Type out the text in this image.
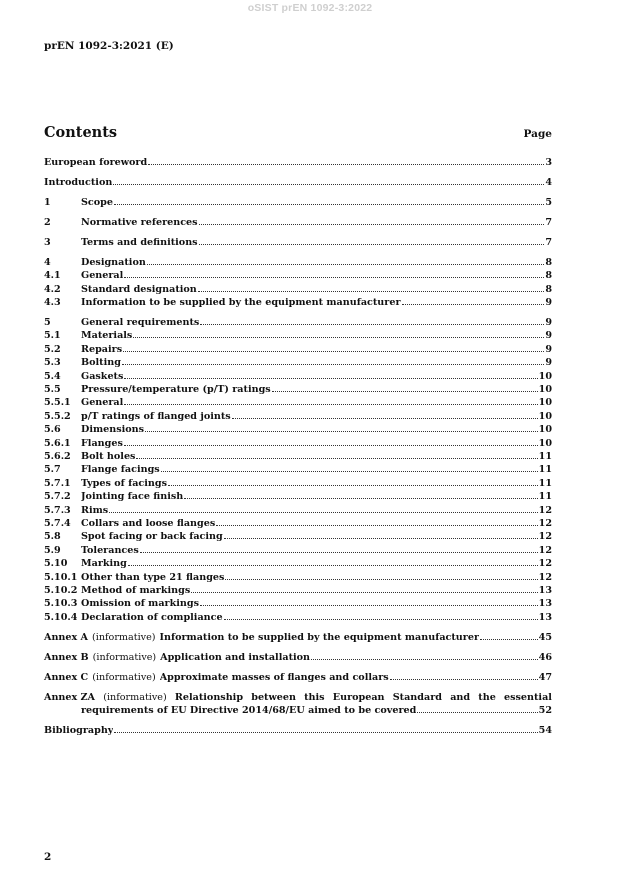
oSIST prEN 1092-3:2022
prEN 1092-3:2021 (E)
Contents	Page
European foreword	3
Introduction	4
1	Scope	5
2	Normative references	7
3	Terms and definitions	7
4	Designation	8
4.1	General	8
4.2	Standard designation	8
4.3	Information to be supplied by the equipment manufacturer	9
5	General requirements	9
5.1	Materials	9
5.2	Repairs	9
5.3	Bolting	9
5.4	Gaskets	10
5.5	Pressure/temperature (p/T) ratings	10
5.5.1	General	10
5.5.2	p/T ratings of flanged joints	10
5.6	Dimensions	10
5.6.1	Flanges	10
5.6.2	Bolt holes	11
5.7	Flange facings	11
5.7.1	Types of facings	11
5.7.2	Jointing face finish	11
5.7.3	Rims	12
5.7.4	Collars and loose flanges	12
5.8	Spot facing or back facing	12
5.9	Tolerances	12
5.10	Marking	12
5.10.1 Other than type 21 flanges	12
5.10.2 Method of markings	13
5.10.3 Omission of markings	13
5.10.4 Declaration of compliance	13
Annex A (informative) Information to be supplied by the equipment manufacturer	45
Annex B (informative) Application and installation	46
Annex C (informative) Approximate masses of flanges and collars	47
Annex ZA (informative) Relationship between this European Standard and the essential
requirements of EU Directive 2014/68/EU aimed to be covered	52
Bibliography	54
2
